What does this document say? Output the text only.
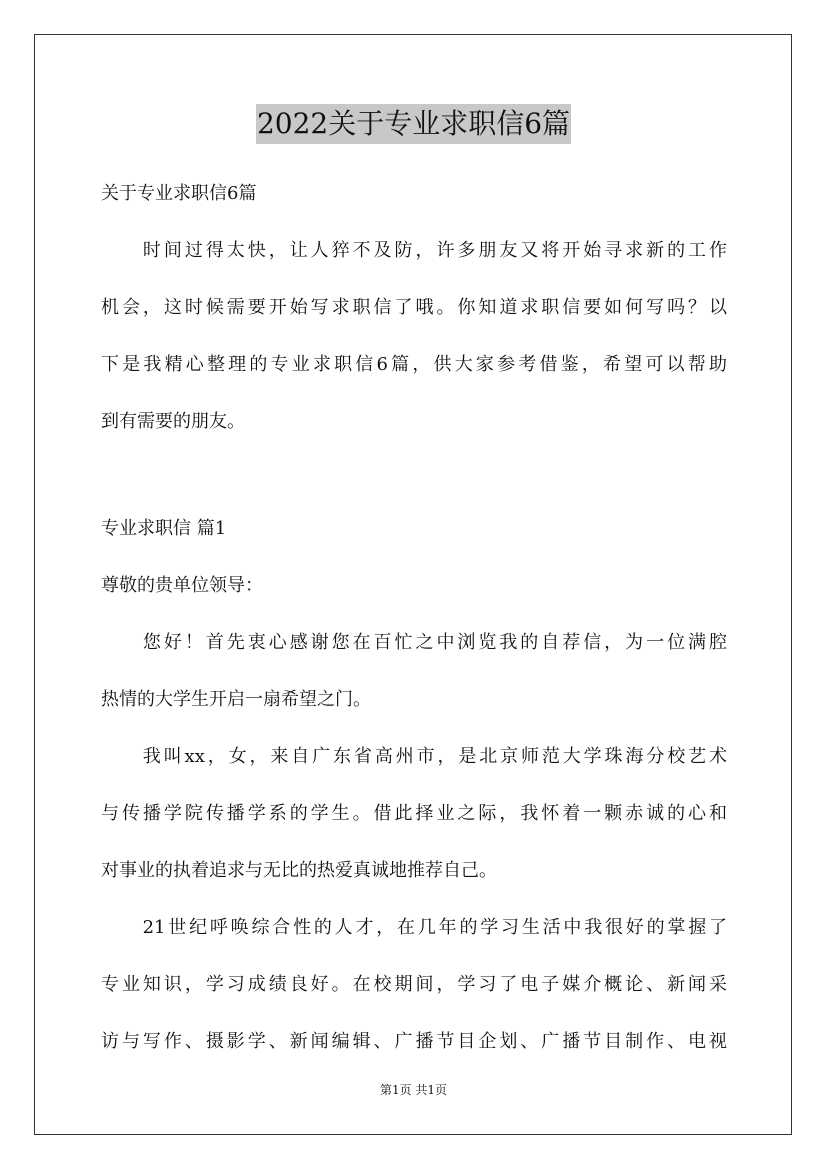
2022关于专业求职信6篇
关于专业求职信6篇
　　时间过得太快，让人猝不及防，许多朋友又将开始寻求新的工作
机会，这时候需要开始写求职信了哦。你知道求职信要如何写吗？以
下是我精心整理的专业求职信6篇，供大家参考借鉴，希望可以帮助
到有需要的朋友。
专业求职信 篇1
尊敬的贵单位领导：
　　您好！首先衷心感谢您在百忙之中浏览我的自荐信，为一位满腔
热情的大学生开启一扇希望之门。
　　我叫xx，女，来自广东省高州市，是北京师范大学珠海分校艺术
与传播学院传播学系的学生。借此择业之际，我怀着一颗赤诚的心和
对事业的执着追求与无比的热爱真诚地推荐自己。
　　21世纪呼唤综合性的人才，在几年的学习生活中我很好的掌握了
专业知识，学习成绩良好。在校期间，学习了电子媒介概论、新闻采
访与写作、摄影学、新闻编辑、广播节目企划、广播节目制作、电视
第1页 共1页
